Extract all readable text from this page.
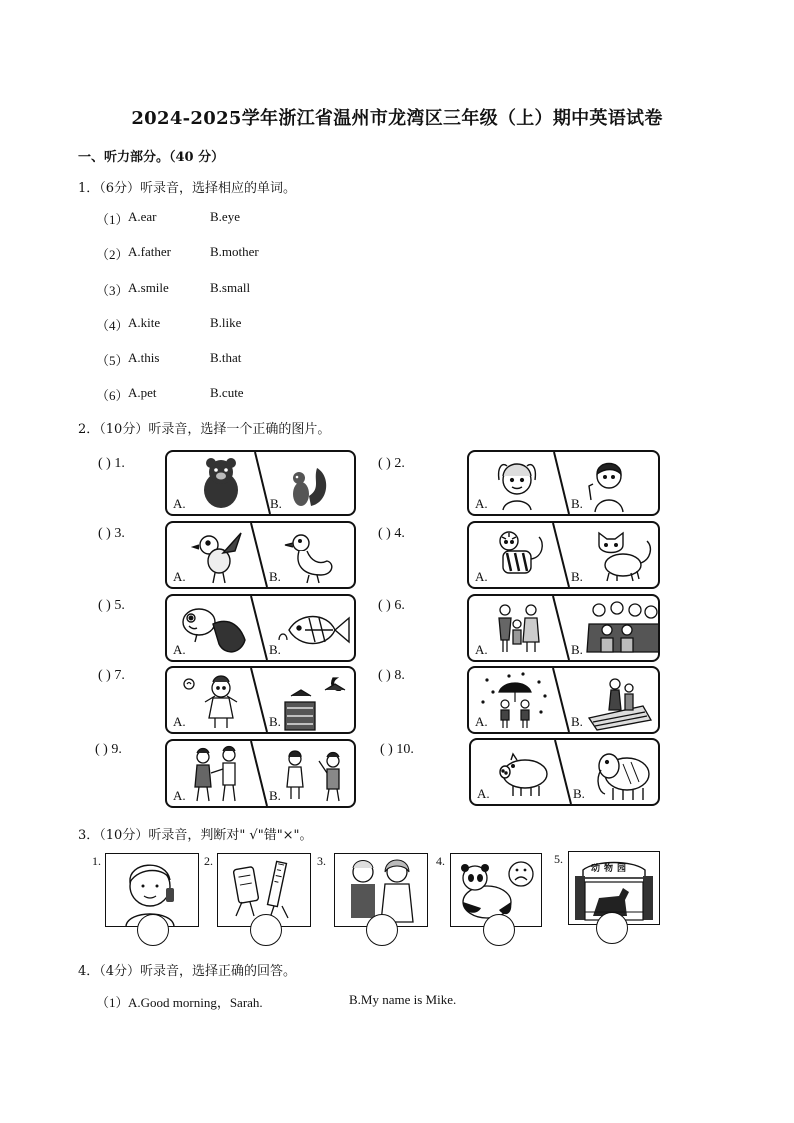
2024-2025学年浙江省温州市龙湾区三年级（上）期中英语试卷
一、听力部分。（40 分）
1．（6分）听录音，选择相应的单词。
（1） A.ear	B.eye
（2） A.father	B.mother
（3） A.smile	B.small
（4） A.kite	B.like
（5） A.this	B.that
（6） A.pet	B.cute
2．（10分）听录音，选择一个正确的图片。
( ) 1.
A.	B.
( ) 2.
A.	B.
( ) 3.
A.	B.
( ) 4.
A.	B.
( ) 5.
A.	B.
( ) 6.
A.	B.
( ) 7.
A.	B.
( ) 8.
A.	B.
( ) 9.
A.	B.
( ) 10.
A.	B.
3．（10分）听录音，判断对" √"错"×"。
1.	2.	3.	4.	5.
动物园
4．（4分）听录音，选择正确的回答。
（1） A.Good morning，Sarah.	B.My name is Mike.
